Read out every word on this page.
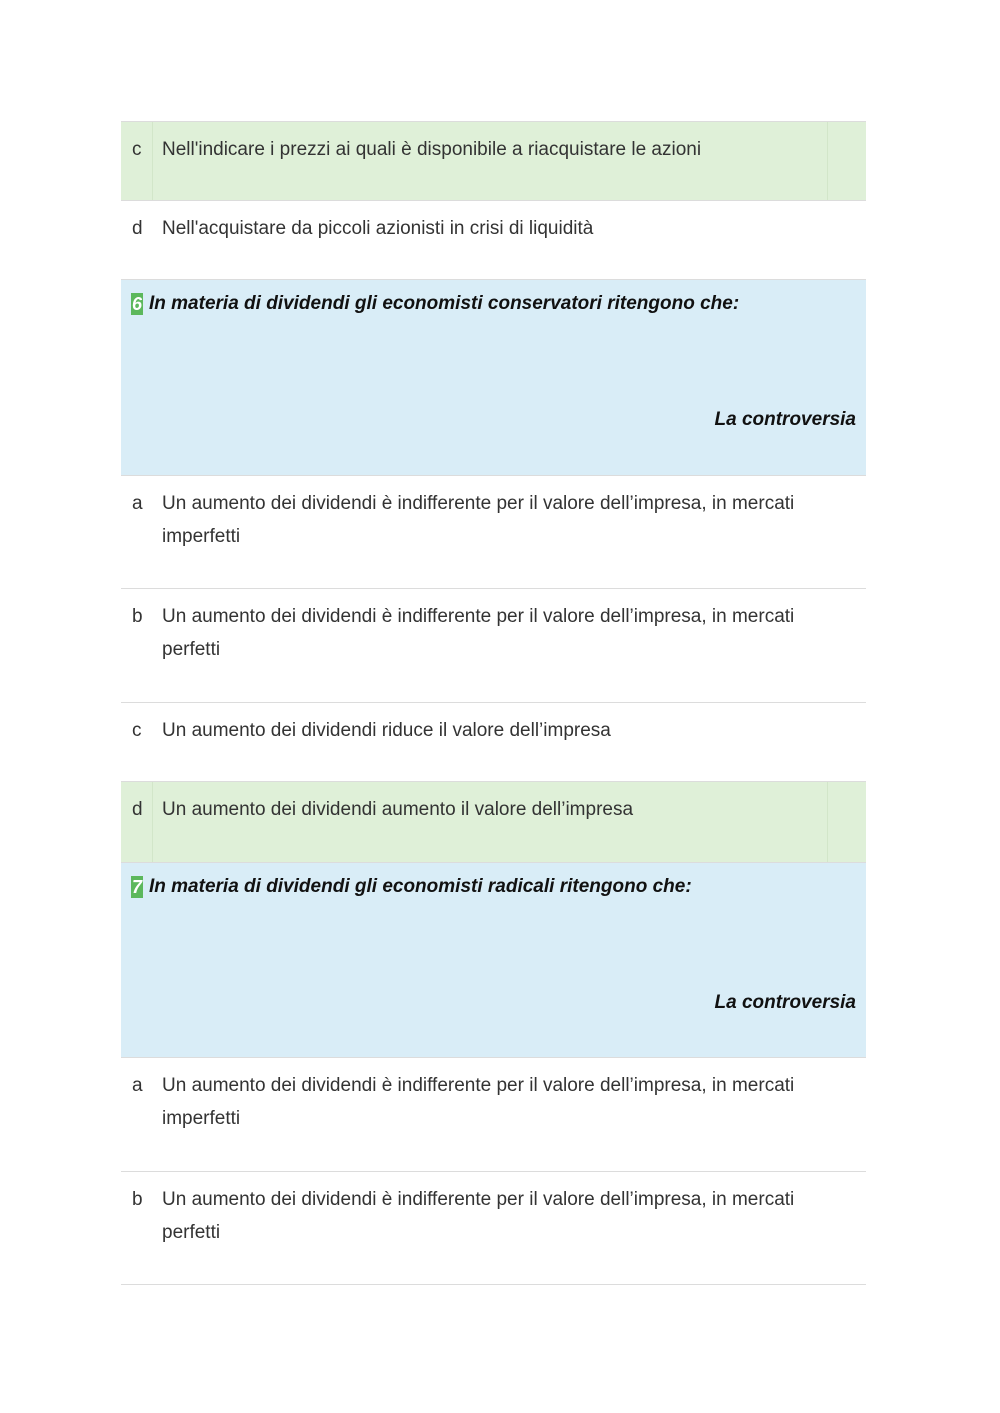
c Nell'indicare i prezzi ai quali è disponibile a riacquistare le azioni
d Nell'acquistare da piccoli azionisti in crisi di liquidità
6 In materia di dividendi gli economisti conservatori ritengono che:
La controversia
a Un aumento dei dividendi è indifferente per il valore dell’impresa, in mercati imperfetti
b Un aumento dei dividendi è indifferente per il valore dell’impresa, in mercati perfetti
c Un aumento dei dividendi riduce il valore dell’impresa
d Un aumento dei dividendi aumento il valore dell’impresa
7 In materia di dividendi gli economisti radicali ritengono che:
La controversia
a Un aumento dei dividendi è indifferente per il valore dell’impresa, in mercati imperfetti
b Un aumento dei dividendi è indifferente per il valore dell’impresa, in mercati perfetti
